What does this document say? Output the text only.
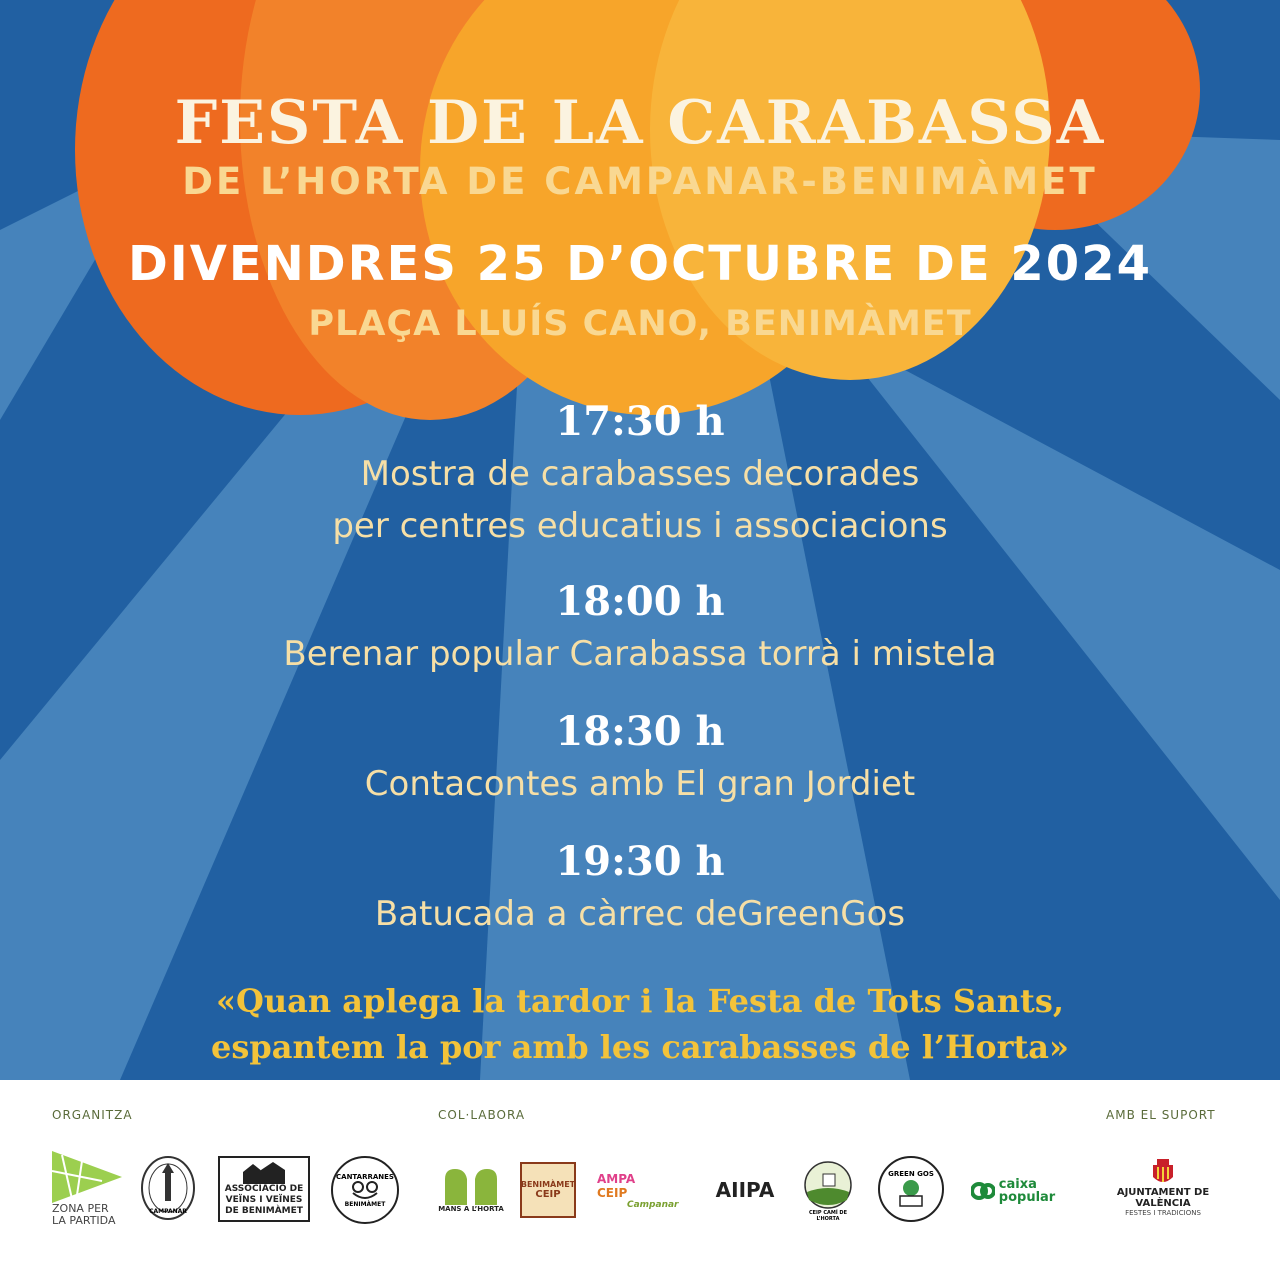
FESTA DE LA CARABASSA
DE L’HORTA DE CAMPANAR-BENIMÀMET
DIVENDRES 25 D’OCTUBRE DE 2024
PLAÇA LLUÍS CANO, BENIMÀMET
17:30 h
Mostra de carabasses decorades
per centres educatius i associacions
18:00 h
Berenar popular Carabassa torrà i mistela
18:30 h
Contacontes amb El gran Jordiet
19:30 h
Batucada a càrrec deGreenGos
«Quan aplega la tardor i la Festa de Tots Sants,
espantem la por amb les carabasses de l’Horta»
ORGANITZA	COL·LABORA	AMB EL SUPORT
ZONA PER
LA PARTIDA
CAMPANAR
ASSOCIACIÓ DE
VEÏNS I VEÏNES
DE BENIMÀMET
CANTARRANES
BENIMÀMET
MANS A L’HORTA
BENIMÀMET
CEIP
AMPA
CEIP
Campanar
AIIPA
CEIP CAMÍ DE L’HORTA
GREEN GOS
caixa
popular	AJUNTAMENT DE VALÈNCIA
FESTES I TRADICIONS
